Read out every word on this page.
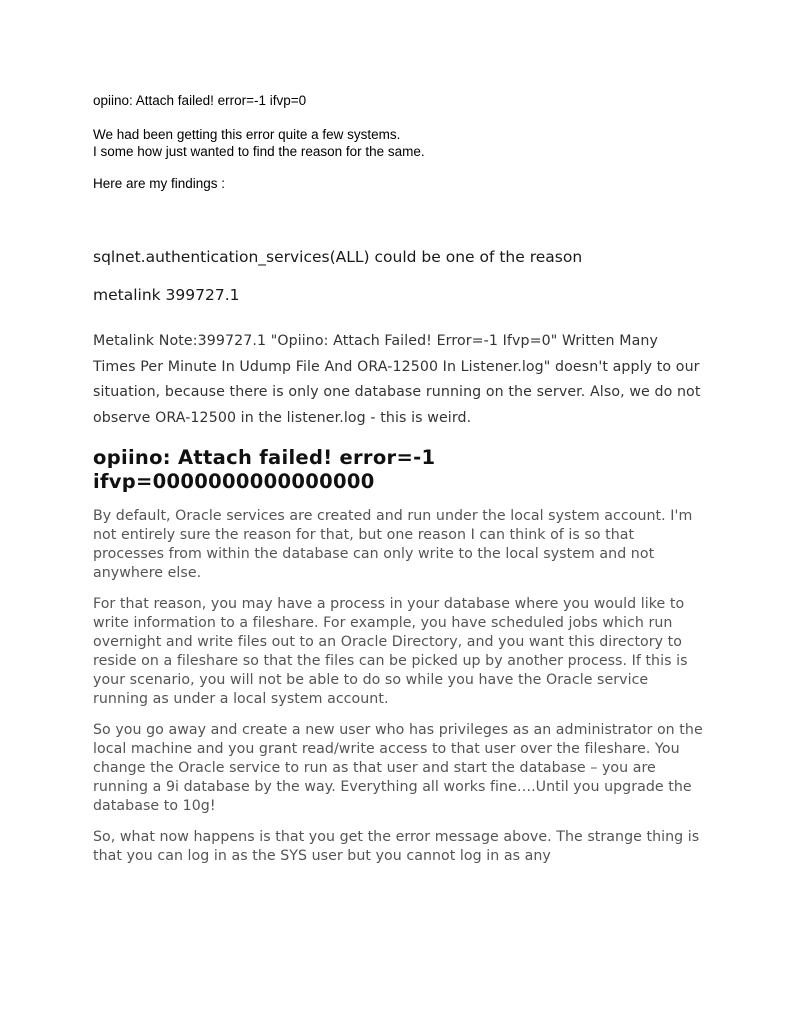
opiino: Attach failed! error=-1 ifvp=0

We had been getting this error quite a few systems.

I some how just wanted to find the reason for the same.

Here are my findings :

sqlnet.authentication_services(ALL) could be one of the reason

metalink 399727.1

Metalink Note:399727.1 "Opiino: Attach Failed! Error=-1 Ifvp=0" Written Many Times Per Minute In Udump File And ORA-12500 In Listener.log" doesn't apply to our situation, because there is only one database running on the server. Also, we do not observe ORA-12500 in the listener.log - this is weird.

opiino: Attach failed! error=-1 ifvp=0000000000000000

By default, Oracle services are created and run under the local system account. I'm not entirely sure the reason for that, but one reason I can think of is so that processes from within the database can only write to the local system and not anywhere else.

For that reason, you may have a process in your database where you would like to write information to a fileshare. For example, you have scheduled jobs which run overnight and write files out to an Oracle Directory, and you want this directory to reside on a fileshare so that the files can be picked up by another process. If this is your scenario, you will not be able to do so while you have the Oracle service running as under a local system account.

So you go away and create a new user who has privileges as an administrator on the local machine and you grant read/write access to that user over the fileshare. You change the Oracle service to run as that user and start the database – you are running a 9i database by the way. Everything all works fine….Until you upgrade the database to 10g!

So, what now happens is that you get the error message above. The strange thing is that you can log in as the SYS user but you cannot log in as any
